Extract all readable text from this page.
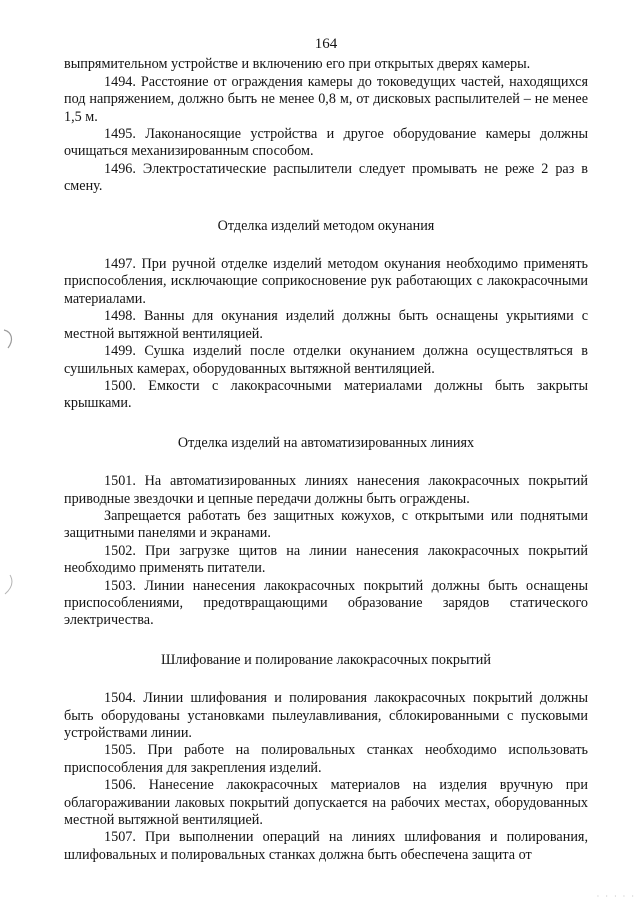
164

выпрямительном устройстве и включению его при открытых дверях камеры.

1494. Расстояние от ограждения камеры до токоведущих частей, находящихся под напряжением, должно быть не менее 0,8 м, от дисковых распылителей – не менее 1,5 м.

1495. Лаконаносящие устройства и другое оборудование камеры должны очищаться механизированным способом.

1496. Электростатические распылители следует промывать не реже 2 раз в смену.

Отделка изделий методом окунания

1497. При ручной отделке изделий методом окунания необходимо применять приспособления, исключающие соприкосновение рук работающих с лакокрасочными материалами.

1498. Ванны для окунания изделий должны быть оснащены укрытиями с местной вытяжной вентиляцией.

1499. Сушка изделий после отделки окунанием должна осуществляться в сушильных камерах, оборудованных вытяжной вентиляцией.

1500. Емкости с лакокрасочными материалами должны быть закрыты крышками.

Отделка изделий на автоматизированных линиях

1501. На автоматизированных линиях нанесения лакокрасочных покрытий приводные звездочки и цепные передачи должны быть ограждены.

Запрещается работать без защитных кожухов, с открытыми или поднятыми защитными панелями и экранами.

1502. При загрузке щитов на линии нанесения лакокрасочных покрытий необходимо применять питатели.

1503. Линии нанесения лакокрасочных покрытий должны быть оснащены приспособлениями, предотвращающими образование зарядов статического электричества.

Шлифование и полирование лакокрасочных покрытий

1504. Линии шлифования и полирования лакокрасочных покрытий должны быть оборудованы установками пылеулавливания, сблокированными с пусковыми устройствами линии.

1505. При работе на полировальных станках необходимо использовать приспособления для закрепления изделий.

1506. Нанесение лакокрасочных материалов на изделия вручную при облагораживании лаковых покрытий допускается на рабочих местах, оборудованных местной вытяжной вентиляцией.

1507. При выполнении операций на линиях шлифования и полирования, шлифовальных и полировальных станках должна быть обеспечена защита от

· · · · ·
